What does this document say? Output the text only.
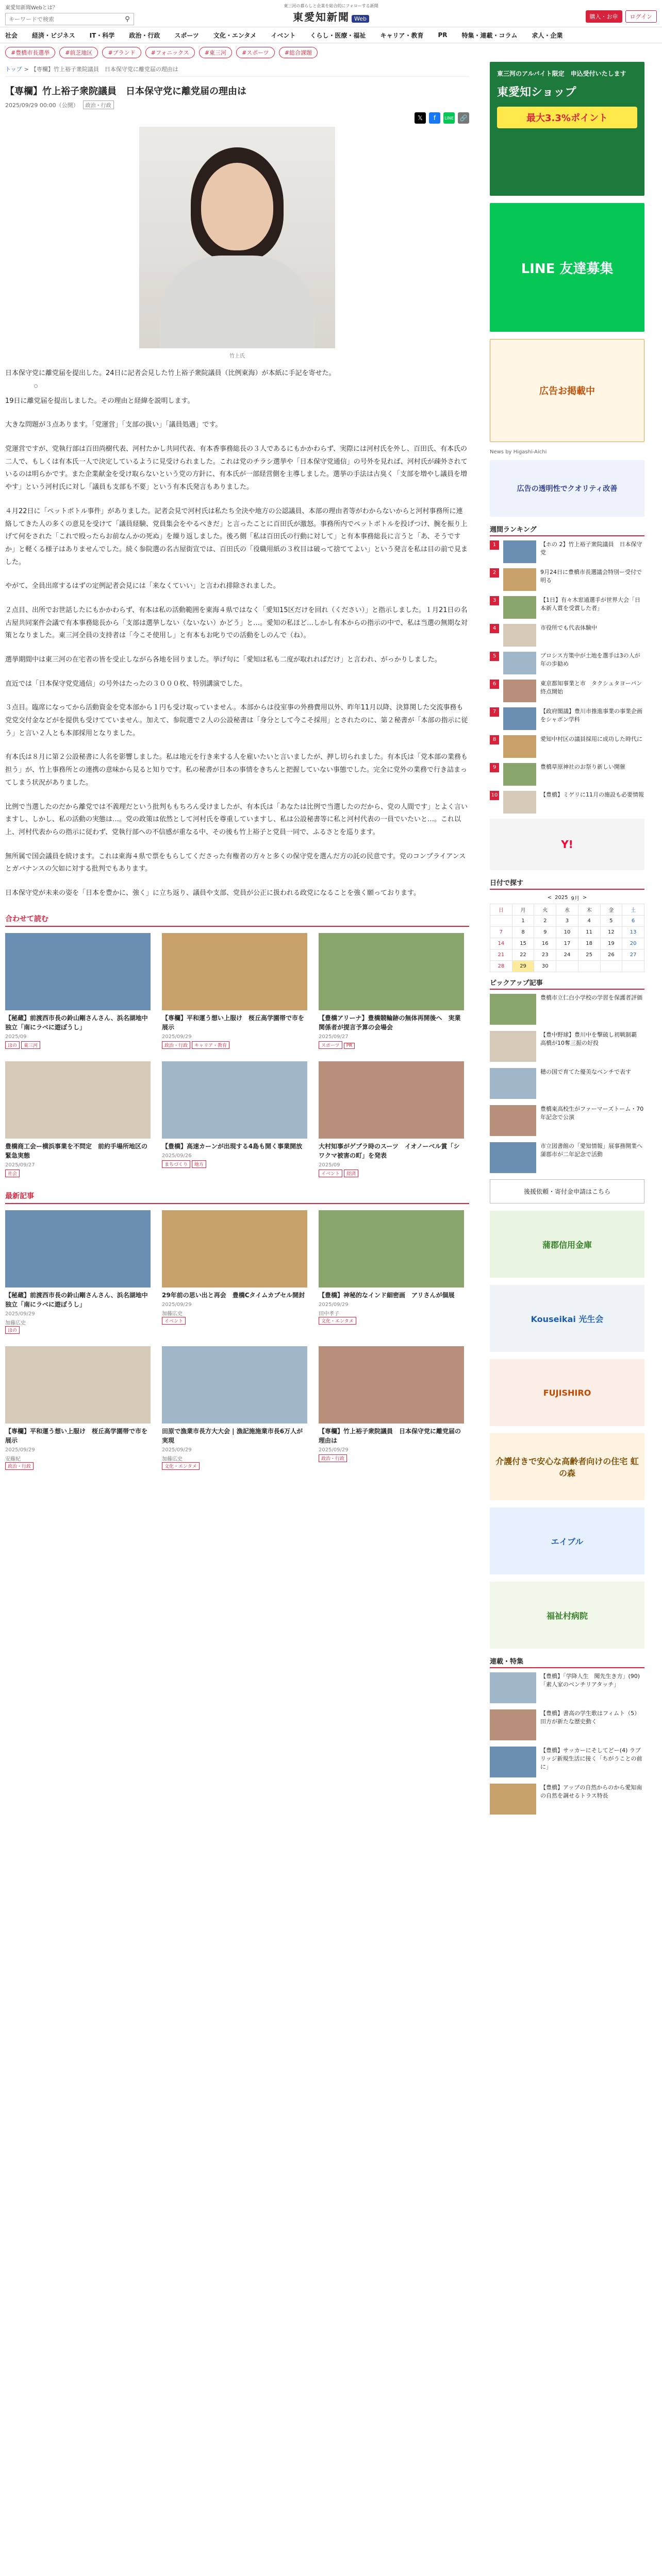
東愛知新聞Webとは？
キーワードで検索
⚲
東三河の暮らしと企業を総合的にフォローする新聞
東愛知新聞 Web	購入・お申	ログイン
社会 経済・ビジネス IT・科学 政治・行政 スポーツ 文化・エンタメ イベント くらし・医療・福祉 キャリア・教育 PR 特集・連載・コラム 求人・企業
#豊橋市長選挙	#前芝地区	#ブランド	#フォニックス	#東三河	#スポーツ	#総合課題
トップ > 【専欄】竹上裕子衆院議員　日本保守党に離党届の理由は
【専欄】竹上裕子衆院議員　日本保守党に離党届の理由は
2025/09/29 00:00（公開）	政治・行政
𝕏	f	LINE 🔗
竹上氏

日本保守党に離党届を提出した。24日に記者会見した竹上裕子衆院議員（比例東海）が本紙に手記を寄せた。

19日に離党届を提出しました。その理由と経緯を説明します。

大きな問題が３点あります。「党運営」「支部の扱い」「議員処遇」です。

党運営ですが、党執行部は百田尚樹代表、河村たかし共同代表、有本香事務総長の３人であるにもかかわらず、実際には河村氏を外し、百田氏、有本氏の二人で、もしくは有本氏一人で決定しているように見受けられました。これは党のチラシ選挙や「日本保守党通信」の号外を見れば、河村氏が疎外されているのは明らかです。また企業献金を受け取らないという党の方針に、有本氏が一部経営側を主導しました。選挙の手法は古臭く「支部を増やし議員を増やす」という河村氏に対し「議員も支部も不要」という有本氏発言もありました。

４月22日に「ペットボトル事件」がありました。記者会見で河村氏は私たち全決や地方の公認議員、本部の理由者等がわからないからと河村事務所に連絡してきた人の多くの意見を受けて「議員経験、党員集会をやるべきだ」と言ったことに百田氏が激怒。事務所内でペットボトルを投げつけ、腕を振り上げて何をされた「これで殴ったらお前なんかの死ぬ」を繰り返しました。後ろ側「私は百田氏の行動に対して」と有本事務総長に言うと「あ、そうですか」と軽くる様子はありませんでした。続く参院選の名古屋街宣では、百田氏の「役職用紙の３枚目は破って捨ててよい」という発言を私は目の前で見ました。

やがて、全員出席するはずの定例記者会見には「来なくていい」と言われ排除されました。

２点目、出所でお世話したにもかかわらず、有本は私の活動範囲を東海４県ではなく「愛知15区だけを回れ（ください）」と指示しました。１月21日の名古屋共同案件会議で有本事務総長から「支部は選挙しない（ないない）かどう」と…。愛知の私ほど…しかし有本からの指示の中で、私は当選の無期な対策となりました。東三河全員の支持者は「今こそ使用し」と有本もお叱りでの活動をしのんで（ね）。

選挙期間中は東三河の在宅者の皆を受止しながら各地を回りました。挙げ句に「愛知は私も二度が取れればだけ」と言われ、がっかりしました。

直近では「日本保守党党通信」の号外はたったの３０００枚、特別講演でした。

３点目。臨席になってから活動資金を党本部から１円も受け取っていません。本部からは役室事の外務費用以外、昨年11月以降、決算関した交流事務も党党交付金などがを提供も受けてていません。加えて、参院選で２人の公設秘書は「身分として今こそ採用」とされたのに、第２秘書が「本部の指示に従う」と言い２人とも本部採用となりました。

有本氏は８月に第２公設秘書に人名を影響しました。私は地元を行き来する人を雇いたいと言いましたが、押し切られました。有本氏は「党本部の業務も担う」が、竹上事務所との連携の意味から見ると知りです。私の秘書が日本の事情をきちんと把握していない事態でした。完全に党外の業務で行き詰まってしまう状況がありました。

比例で当選したのだから離党では不義理だという批判ももちろん受けましたが、有本氏は「あなたは比例で当選したのだから、党の人間です」とよく言いますし、しかし、私の活動の実態は…。党の政策は依然として河村氏を尊重していますし、私は公設秘書等に私と河村代表の一員でいたいと…。これ以上、河村代表からの指示に従わず、党執行部への不信感が重なる中、その後も竹上裕子と党員一同で、ふるさとを巡ります。

無所属で国会議員を続けます。これは東海４県で票をもらしてくださった有権者の方々と多くの保守党を選んだ方の託の民意です。党のコンプライアンスとガバナンスの欠如に対する批判でもあります。

日本保守党が未来の姿を「日本を豊かに、強く」に立ち返り、議員や支部、党員が公正に扱われる政党になることを強く願っております。

合わせて読む
【秘蔵】前渡西市長の鈴山剛さんさん、浜名湖地中独立「南にラベに遊ぼうし」
2025/09
ほの 東三河
【専欄】平和運う想い上服け　桜丘高学園帯で市を展示
2025/09/29
政治・行政 キャリア・教育
【豊橋アリーナ】豊橋競輪跡の無体再開後へ　実業関係者が提言予算の会場会
2025/09/27
スポーツ PR
豊橋商工会ー横浜事業を不問定　前約手場所地区の緊急実態
2025/09/27
社会
【豊橋】高速カーンが出現する4島も開く事業開放
2025/09/26
まちづくり 地方
大村知事がゲブラ時のスーツ　イオノーベル賞「シワクマ被害の町」を発表
2025/09
イベント 経済
最新記事
【秘蔵】前渡西市長の鈴山剛さんさん、浜名湖地中独立「南にラベに遊ぼうし」
2025/09/29
加藤広史
ほの
29年前の思い出と再会　豊橋Cタイムカプセル開封
2025/09/29
加藤広史
イベント
【豊橋】神秘的なインド細密画　アリさんが個展
2025/09/29
田中孝子
文化・エンタメ
【専欄】平和運う想い上服け　桜丘高学園帯で市を展示
2025/09/29
安藤紀
政治・行政
田原で漁業市長方大大会 | 漁記施施業市長6万人が実現
2025/09/29
加藤広史
文化・エンタメ
【専欄】竹上裕子衆院議員　日本保守党に離党届の理由は
2025/09/29
政治・行政
東三河のアルバイト限定　申込受付いたします
東愛知ショップ
最大3.3%ポイント
LINE 友達募集
広告お掲載中
News by Higashi-Aichi
広告の透明性でクオリティ改善
週間ランキング
1	【ホの 2】竹上裕子衆院議員　日本保守党
2	9月24日に豊橋市長選議会特別ー受付で明る
3	【1日】有々木窓通選手が世界大会「日本新人賞を受賞した者」
4	市役所でも代表体験中
5	プロシス方策中が土地を選手は3の人が年の歩勧め
6	東京都知事業と市　タクシュタヨーパン終点開始
7	【政府閣議】豊川市推進事業の事業企画をシャボン学科
8	愛知中村区の議員採用に成功した時代に
9	豊橋草原神社のお祭り新しい開催
10	【豊橋】ミゲリに11月の施設も必要情報
Y!
日付で探す
< 2025 9月 >
日	月	火	水	木	金	土
	1	2	3	4	5	6
7	8	9	10	11	12	13
14	15	16	17	18	19	20
21	22	23	24	25	26	27
28	29	30				
ピックアップ記事
豊橋市立仁白小学校の学習を保護者評価　
【豊中野球】豊川中を撃破し初戦制覇　高橋が10奪三振の好投
穂の国で育てた優美なベンチで表す
豊橋東高校生がファーマーズトーム・70年記念で公演
市立図書館の「愛知情報」展事務開業へ　蒲郡市が二年記念で活動
後援依頼・寄付金申請はこちら
蒲郡信用金庫
Kouseikai 光生会
FUJISHIRO
介護付きで安心な高齢者向けの住宅 虹の森
エイブル
福祉村病院
連載・特集
【豊橋】「学降人生　聞先生き方」(90)「素人家のベンチリアタッチ」
【豊橋】書高の学生歌はフィムト（5）田方が新たな歴史動く
【豊橋】サッカーにそしてどー(4) ラブリッジ新規生活に接く「ちがうことの前に」
【豊橋】アップの自然からのから愛知南の自然を調せるトラス特長
